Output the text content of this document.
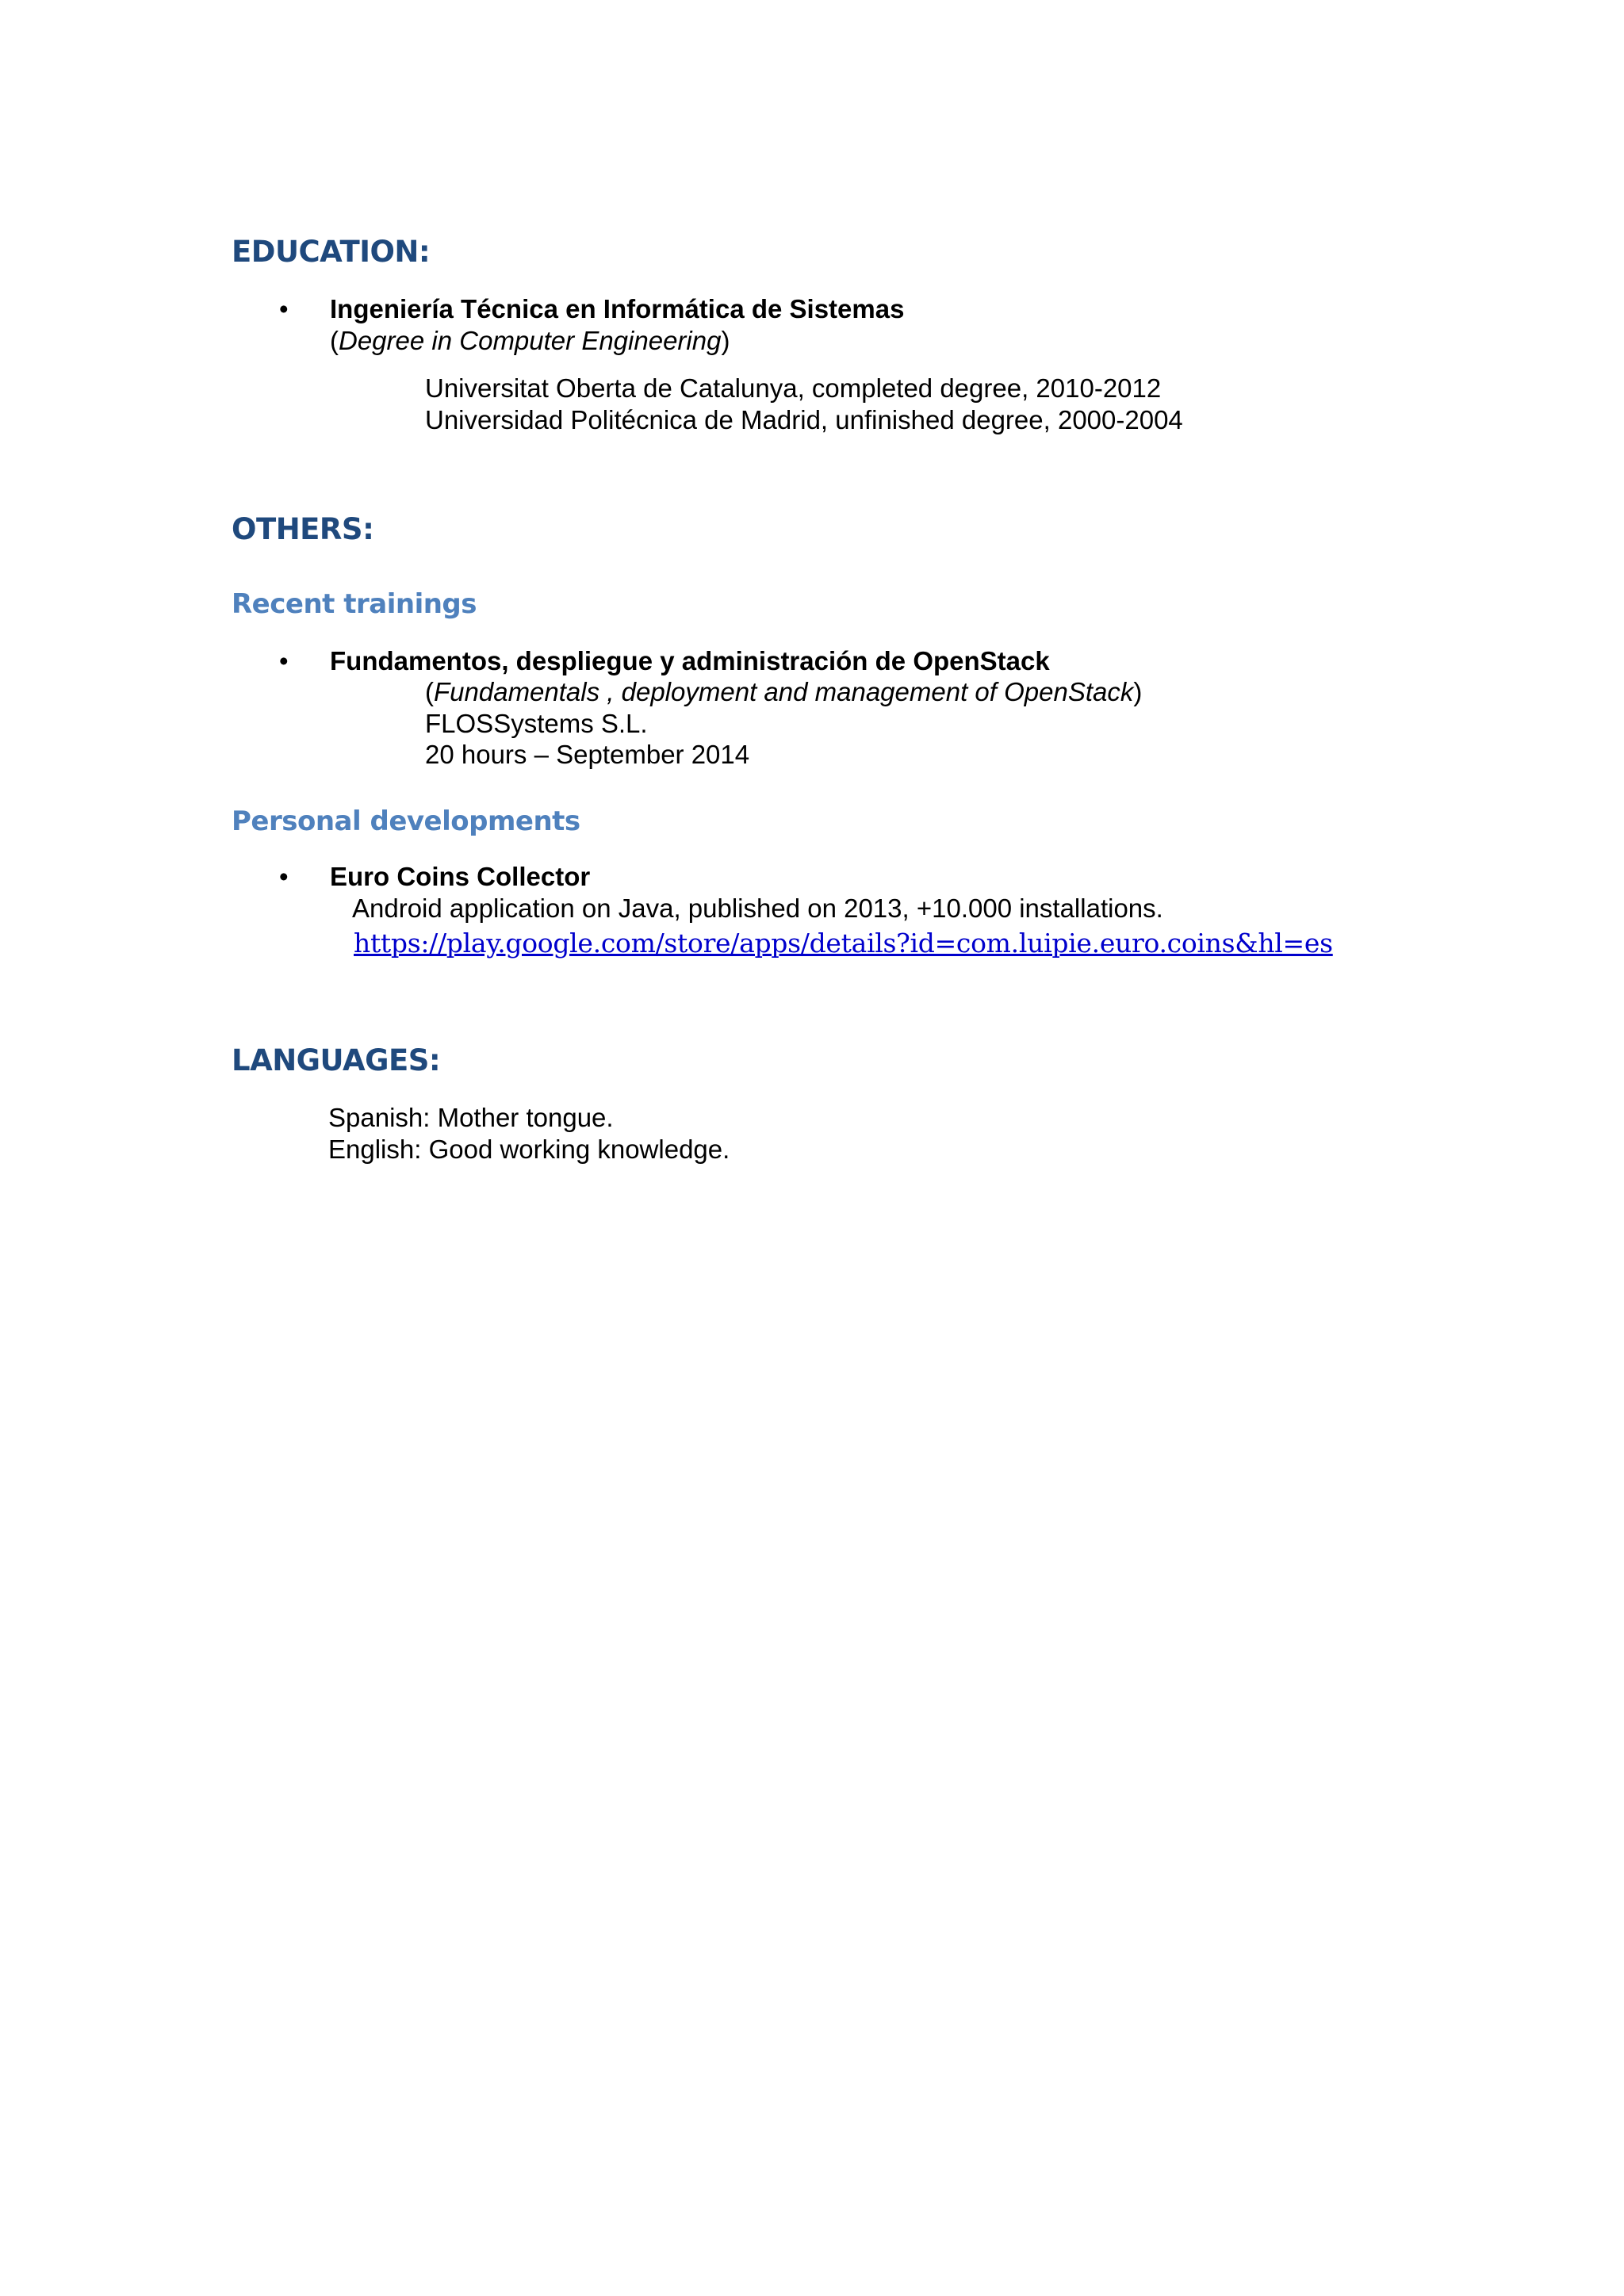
EDUCATION:
• Ingeniería Técnica en Informática de Sistemas

(Degree in Computer Engineering)

Universitat Oberta de Catalunya, completed degree, 2010-2012

Universidad Politécnica de Madrid, unfinished degree, 2000-2004

OTHERS:
Recent trainings
• Fundamentos, despliegue y administración de OpenStack

(Fundamentals , deployment and management of OpenStack)

FLOSSystems S.L.

20 hours – September 2014

Personal developments
• Euro Coins Collector

Android application on Java, published on 2013, +10.000 installations.

https://play.google.com/store/apps/details?id=com.luipie.euro.coins&hl=es
LANGUAGES:

Spanish: Mother tongue.

English: Good working knowledge.
